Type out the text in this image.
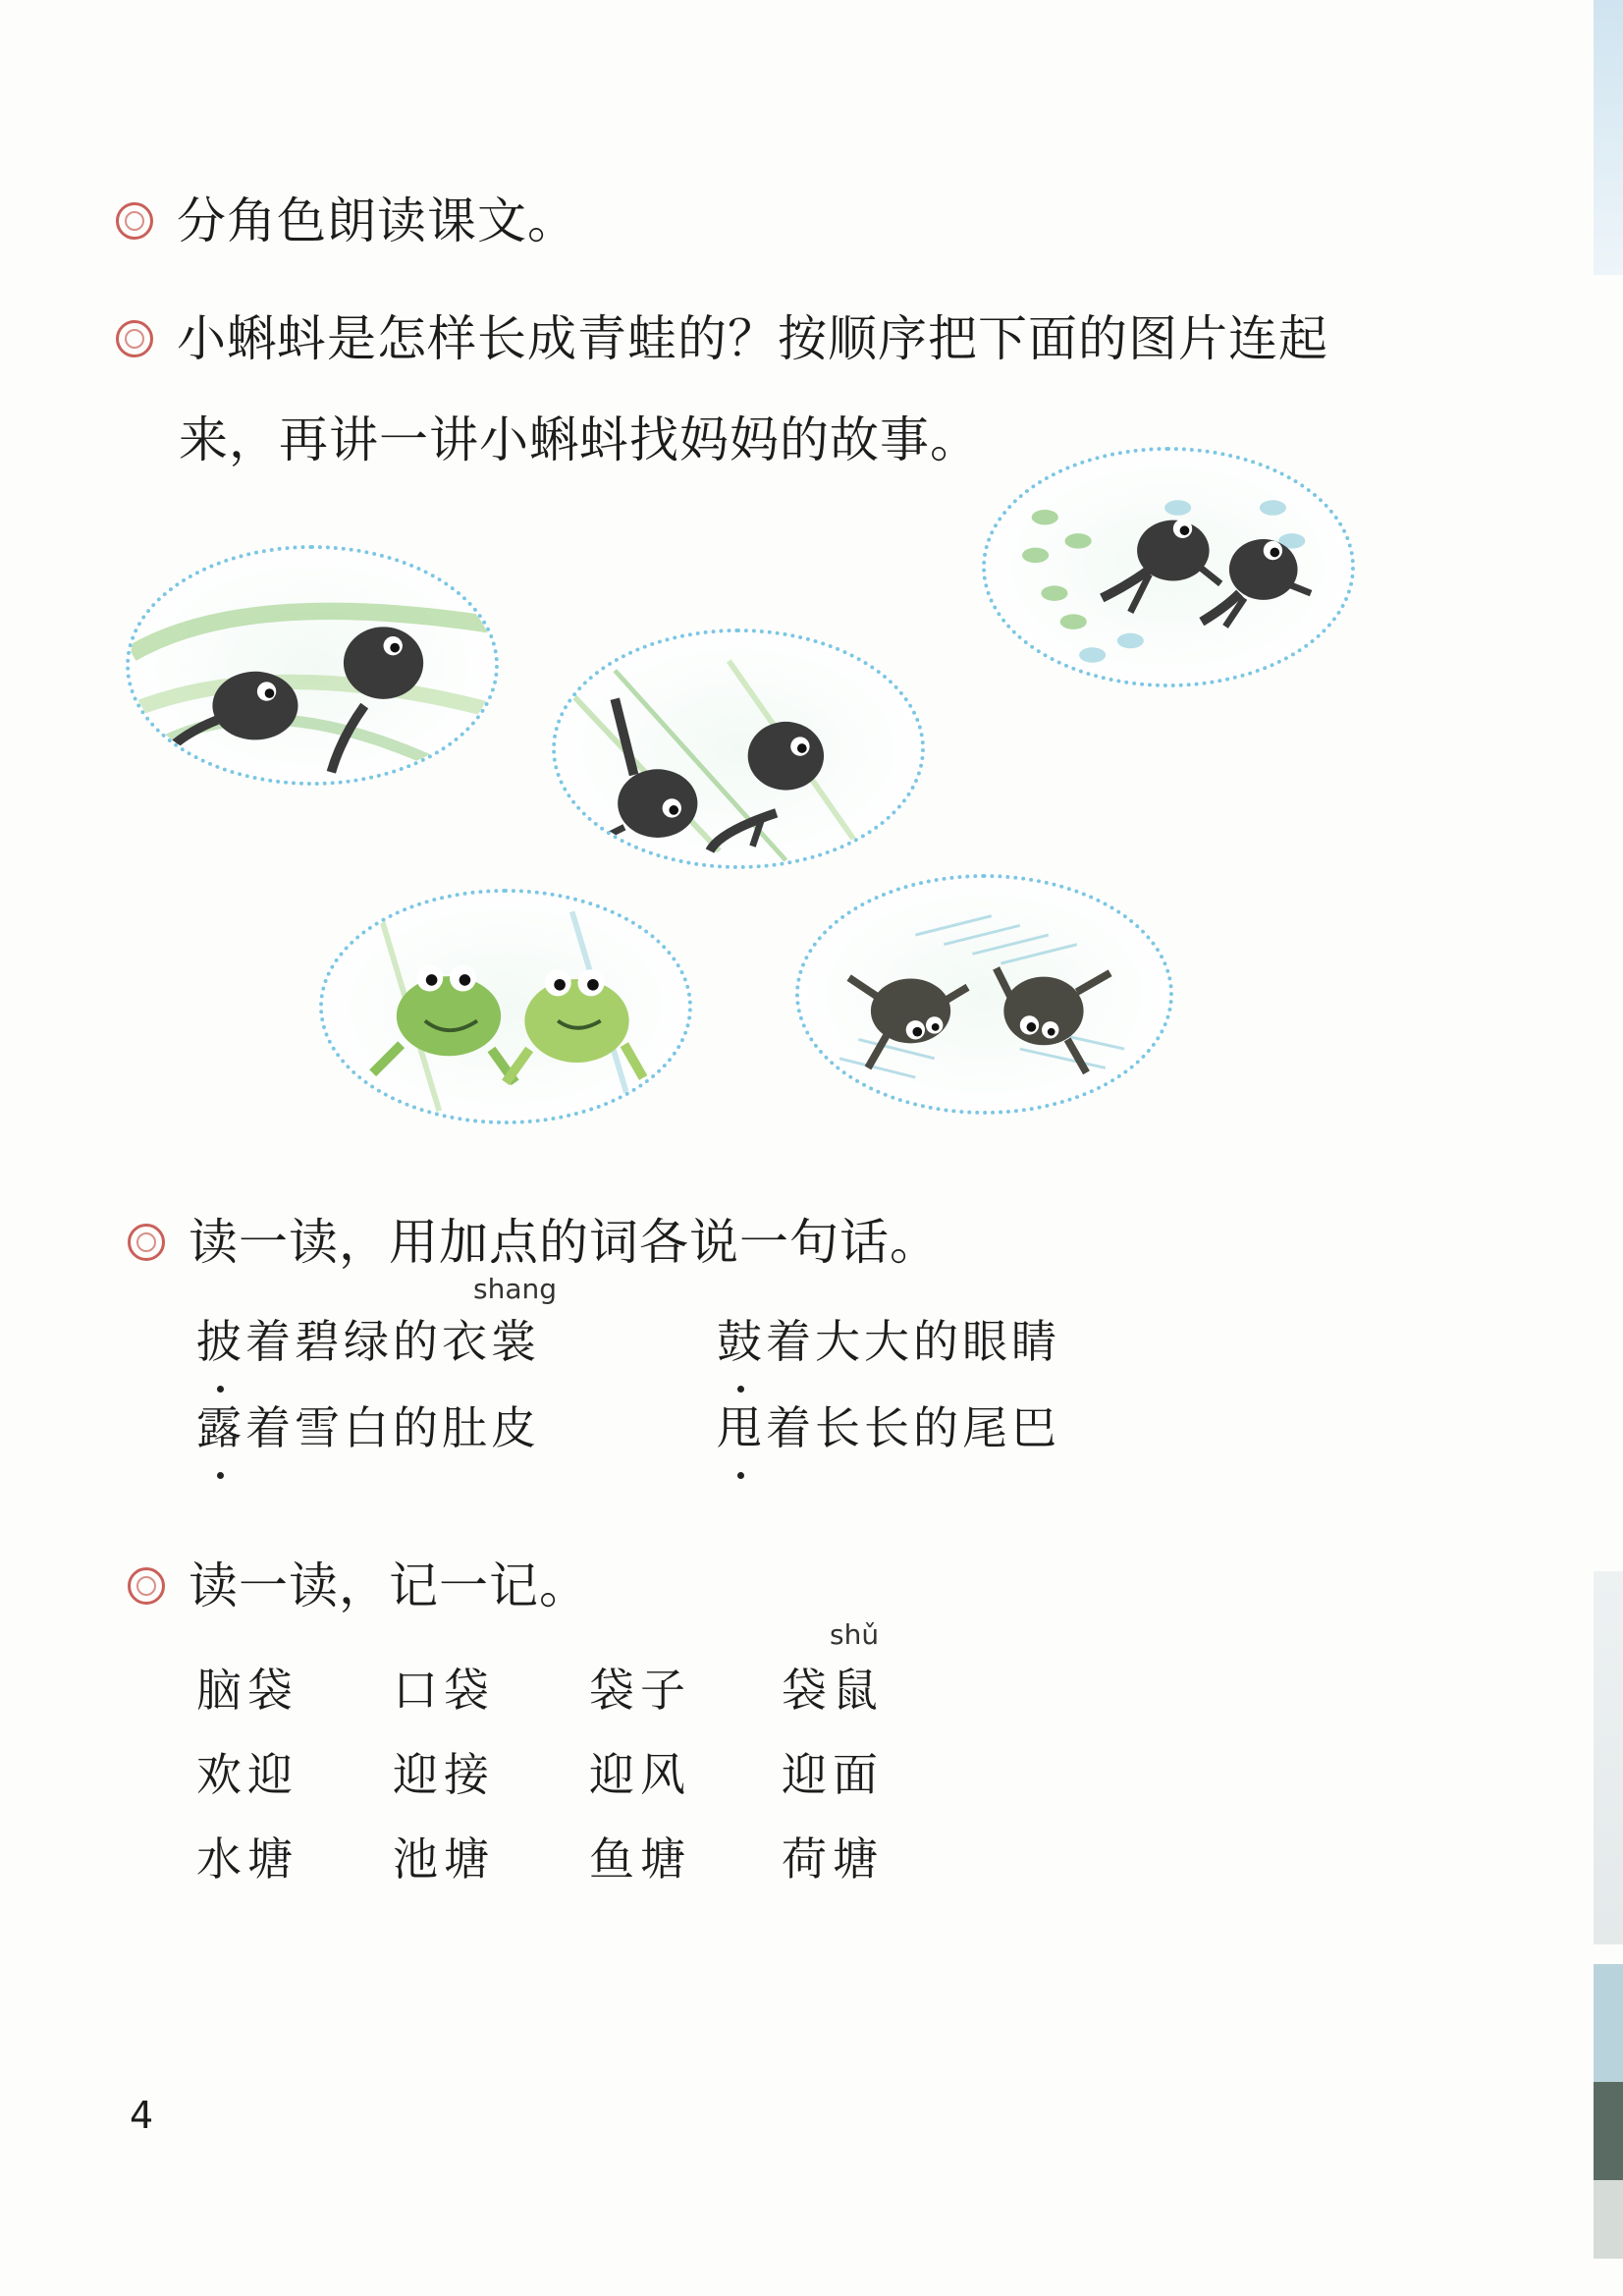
分角色朗读课文。
小蝌蚪是怎样长成青蛙的？按顺序把下面的图片连起
来，再讲一讲小蝌蚪找妈妈的故事。
读一读，用加点的词各说一句话。
shang
披着碧绿的衣裳	鼓着大大的眼睛
露着雪白的肚皮	甩着长长的尾巴
读一读，记一记。
shǔ
脑袋 口袋 袋子 袋鼠
欢迎 迎接 迎风 迎面
水塘 池塘 鱼塘 荷塘
4
